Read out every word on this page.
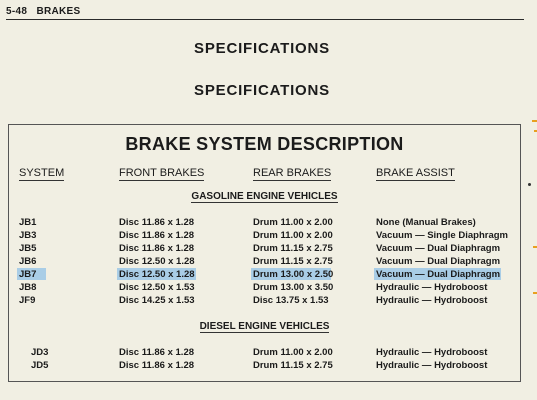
5-48 BRAKES
SPECIFICATIONS
SPECIFICATIONS
BRAKE SYSTEM DESCRIPTION
SYSTEM	FRONT BRAKES	REAR BRAKES	BRAKE ASSIST
GASOLINE ENGINE VEHICLES
JB1	Disc 11.86 x 1.28	Drum 11.00 x 2.00	None (Manual Brakes)
JB3	Disc 11.86 x 1.28	Drum 11.00 x 2.00	Vacuum — Single Diaphragm
JB5	Disc 11.86 x 1.28	Drum 11.15 x 2.75	Vacuum — Dual Diaphragm
JB6	Disc 12.50 x 1.28	Drum 11.15 x 2.75	Vacuum — Dual Diaphragm
JB7	Disc 12.50 x 1.28	Drum 13.00 x 2.50	Vacuum — Dual Diaphragm
JB8	Disc 12.50 x 1.53	Drum 13.00 x 3.50	Hydraulic — Hydroboost
JF9	Disc 14.25 x 1.53	Disc 13.75 x 1.53	Hydraulic — Hydroboost
DIESEL ENGINE VEHICLES
JD3	Disc 11.86 x 1.28	Drum 11.00 x 2.00	Hydraulic — Hydroboost
JD5	Disc 11.86 x 1.28	Drum 11.15 x 2.75	Hydraulic — Hydroboost
